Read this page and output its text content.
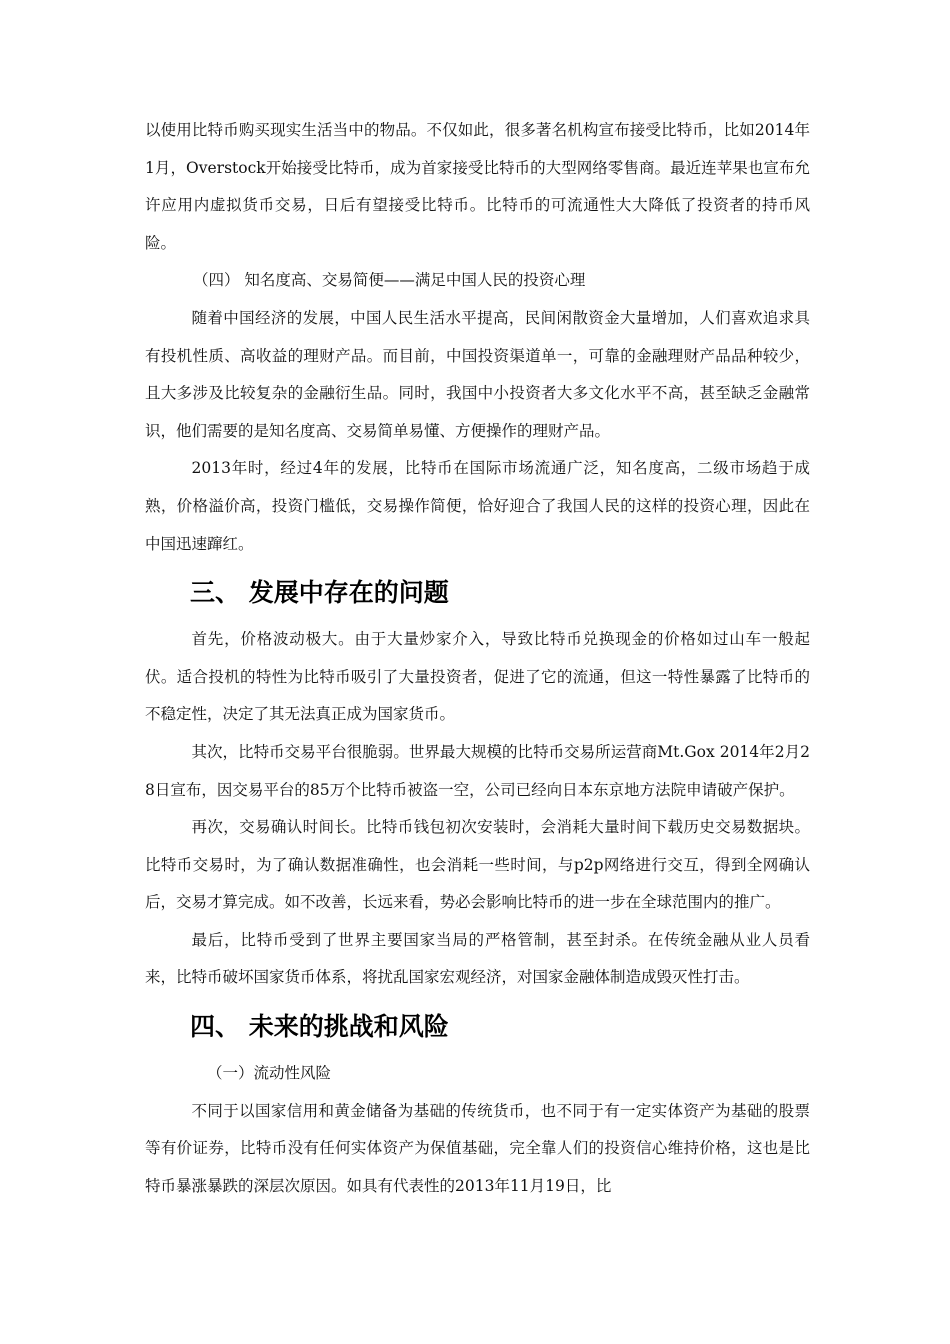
以使用比特币购买现实生活当中的物品。不仅如此，很多著名机构宣布接受比特币，比如2014年1月，Overstock开始接受比特币，成为首家接受比特币的大型网络零售商。最近连苹果也宣布允许应用内虚拟货币交易，日后有望接受比特币。比特币的可流通性大大降低了投资者的持币风险。

（四） 知名度高、交易简便——满足中国人民的投资心理

随着中国经济的发展，中国人民生活水平提高，民间闲散资金大量增加，人们喜欢追求具有投机性质、高收益的理财产品。而目前，中国投资渠道单一，可靠的金融理财产品品种较少，且大多涉及比较复杂的金融衍生品。同时，我国中小投资者大多文化水平不高，甚至缺乏金融常识，他们需要的是知名度高、交易简单易懂、方便操作的理财产品。

2013年时，经过4年的发展，比特币在国际市场流通广泛，知名度高，二级市场趋于成熟，价格溢价高，投资门槛低，交易操作简便，恰好迎合了我国人民的这样的投资心理，因此在中国迅速蹿红。

三、 发展中存在的问题

首先，价格波动极大。由于大量炒家介入，导致比特币兑换现金的价格如过山车一般起伏。适合投机的特性为比特币吸引了大量投资者，促进了它的流通，但这一特性暴露了比特币的不稳定性，决定了其无法真正成为国家货币。

其次，比特币交易平台很脆弱。世界最大规模的比特币交易所运营商Mt.Gox 2014年2月28日宣布，因交易平台的85万个比特币被盗一空，公司已经向日本东京地方法院申请破产保护。

再次，交易确认时间长。比特币钱包初次安装时，会消耗大量时间下载历史交易数据块。比特币交易时，为了确认数据准确性，也会消耗一些时间，与p2p网络进行交互，得到全网确认后，交易才算完成。如不改善，长远来看，势必会影响比特币的进一步在全球范围内的推广。

最后，比特币受到了世界主要国家当局的严格管制，甚至封杀。在传统金融从业人员看来，比特币破坏国家货币体系，将扰乱国家宏观经济，对国家金融体制造成毁灭性打击。

四、 未来的挑战和风险

（一）流动性风险

不同于以国家信用和黄金储备为基础的传统货币，也不同于有一定实体资产为基础的股票等有价证券，比特币没有任何实体资产为保值基础，完全靠人们的投资信心维持价格，这也是比特币暴涨暴跌的深层次原因。如具有代表性的2013年11月19日，比
